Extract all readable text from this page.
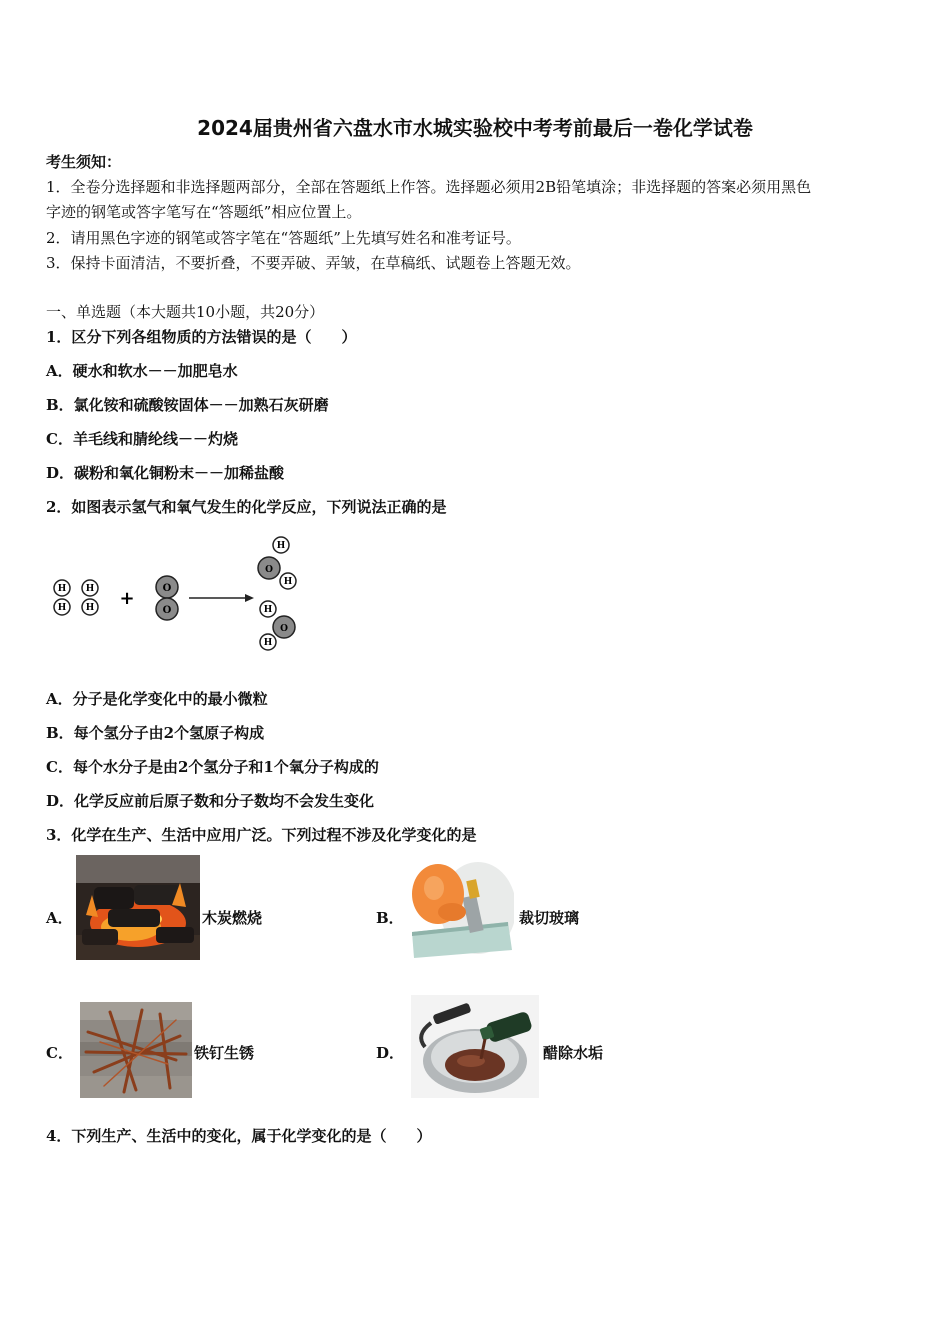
2024届贵州省六盘水市水城实验校中考考前最后一卷化学试卷
考生须知：
1．全卷分选择题和非选择题两部分，全部在答题纸上作答。选择题必须用2B铅笔填涂；非选择题的答案必须用黑色
字迹的钢笔或答字笔写在“答题纸”相应位置上。
2．请用黑色字迹的钢笔或答字笔在“答题纸”上先填写姓名和准考证号。
3．保持卡面清洁，不要折叠，不要弄破、弄皱，在草稿纸、试题卷上答题无效。
一、单选题（本大题共10小题，共20分）
1．区分下列各组物质的方法错误的是（　　）
A．硬水和软水－－加肥皂水
B．氯化铵和硫酸铵固体－－加熟石灰研磨
C．羊毛线和腈纶线－－灼烧
D．碳粉和氧化铜粉末－－加稀盐酸
2．如图表示氢气和氧气发生的化学反应，下列说法正确的是
H
H
H
H +	O
O
O
H
H
O
H
H
A．分子是化学变化中的最小微粒
B．每个氢分子由2个氢原子构成
C．每个水分子是由2个氢分子和1个氧分子构成的
D．化学反应前后原子数和分子数均不会发生变化
3．化学在生产、生活中应用广泛。下列过程不涉及化学变化的是
A．	木炭燃烧	B．	裁切玻璃
C．	铁钉生锈	D．	醋除水垢
4．下列生产、生活中的变化，属于化学变化的是（　　）
